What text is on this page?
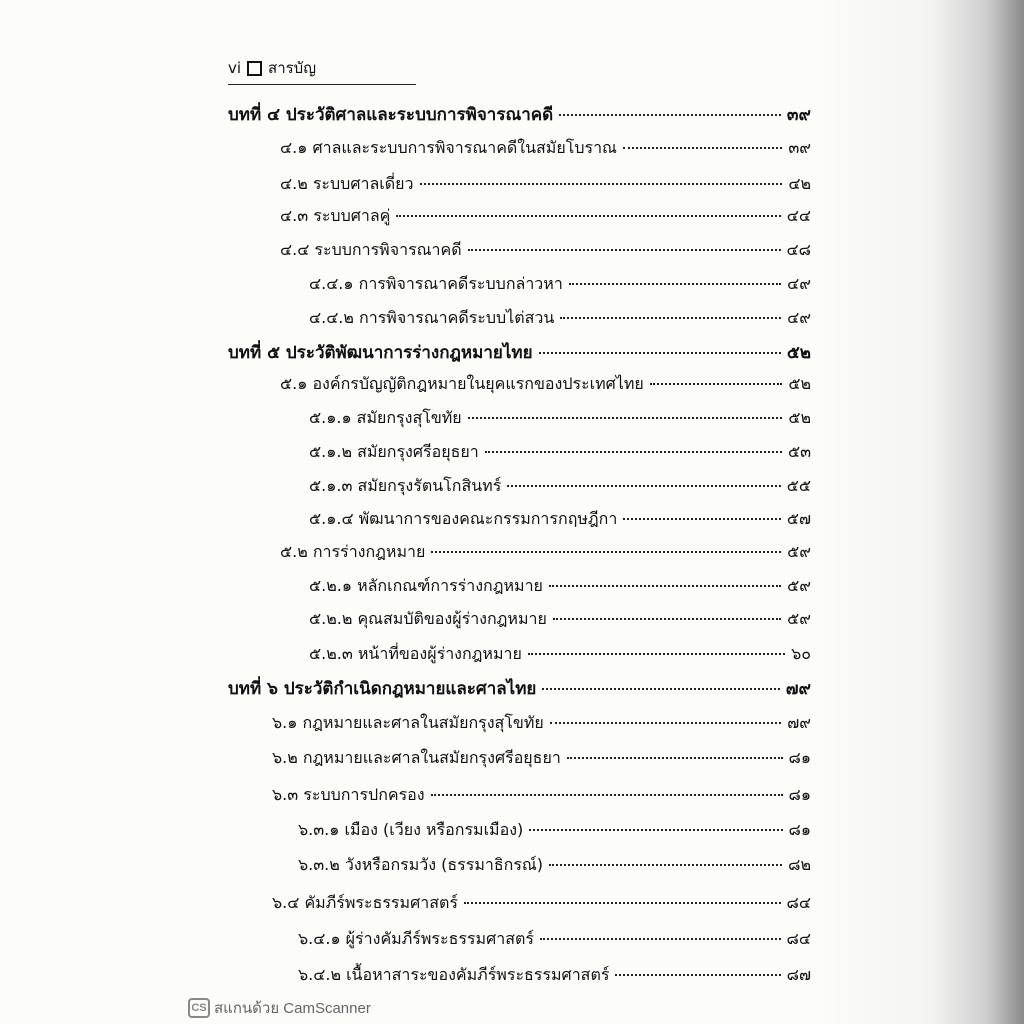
vi สารบัญ
บทที่ ๔ ประวัติศาลและระบบการพิจารณาคดี	๓๙
๔.๑ ศาลและระบบการพิจารณาคดีในสมัยโบราณ	๓๙
๔.๒ ระบบศาลเดี่ยว	๔๒
๔.๓ ระบบศาลคู่	๔๔
๔.๔ ระบบการพิจารณาคดี	๔๘
๔.๔.๑ การพิจารณาคดีระบบกล่าวหา	๔๙
๔.๔.๒ การพิจารณาคดีระบบไต่สวน	๔๙
บทที่ ๕ ประวัติพัฒนาการร่างกฎหมายไทย	๕๒
๕.๑ องค์กรบัญญัติกฎหมายในยุคแรกของประเทศไทย	๕๒
๕.๑.๑ สมัยกรุงสุโขทัย	๕๒
๕.๑.๒ สมัยกรุงศรีอยุธยา	๕๓
๕.๑.๓ สมัยกรุงรัตนโกสินทร์	๕๕
๕.๑.๔ พัฒนาการของคณะกรรมการกฤษฎีกา	๕๗
๕.๒ การร่างกฎหมาย	๕๙
๕.๒.๑ หลักเกณฑ์การร่างกฎหมาย	๕๙
๕.๒.๒ คุณสมบัติของผู้ร่างกฎหมาย	๕๙
๕.๒.๓ หน้าที่ของผู้ร่างกฎหมาย	๖๐
บทที่ ๖ ประวัติกำเนิดกฎหมายและศาลไทย	๗๙
๖.๑ กฎหมายและศาลในสมัยกรุงสุโขทัย	๗๙
๖.๒ กฎหมายและศาลในสมัยกรุงศรีอยุธยา	๘๑
๖.๓ ระบบการปกครอง	๘๑
๖.๓.๑ เมือง (เวียง หรือกรมเมือง)	๘๑
๖.๓.๒ วังหรือกรมวัง (ธรรมาธิกรณ์)	๘๒
๖.๔ คัมภีร์พระธรรมศาสตร์	๘๔
๖.๔.๑ ผู้ร่างคัมภีร์พระธรรมศาสตร์	๘๔
๖.๔.๒ เนื้อหาสาระของคัมภีร์พระธรรมศาสตร์	๘๗
CS สแกนด้วย CamScanner
